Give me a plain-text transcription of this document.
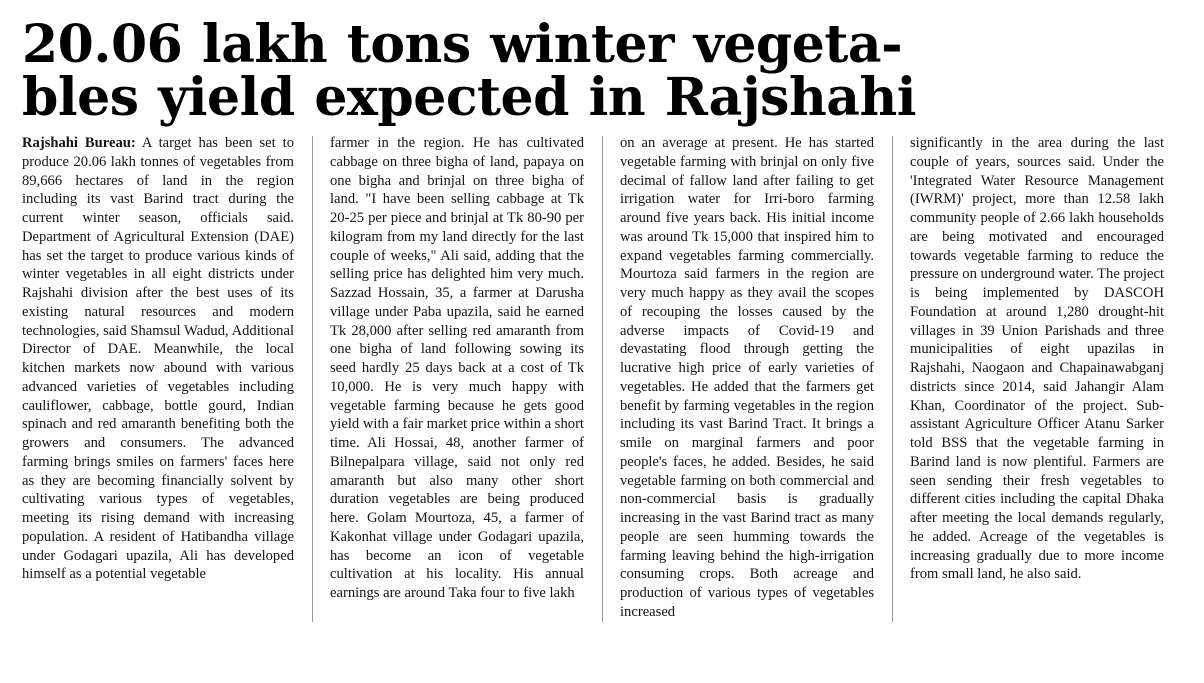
20.06 lakh tons winter vegeta-
bles yield expected in Rajshahi

Rajshahi Bureau: A target has been set to produce 20.06 lakh tonnes of vegetables from 89,666 hectares of land in the region including its vast Barind tract during the current winter season, officials said. Department of Agricultural Extension (DAE) has set the target to produce various kinds of winter vegetables in all eight districts under Rajshahi division after the best uses of its existing natural resources and modern technologies, said Shamsul Wadud, Additional Director of DAE. Meanwhile, the local kitchen markets now abound with various advanced varieties of vegetables including cauliflower, cabbage, bottle gourd, Indian spinach and red amaranth benefiting both the growers and consumers. The advanced farming brings smiles on farmers' faces here as they are becoming financially solvent by cultivating various types of vegetables, meeting its rising demand with increasing population. A resident of Hatibandha village under Godagari upazila, Ali has developed himself as a potential vegetable

farmer in the region. He has cultivated cabbage on three bigha of land, papaya on one bigha and brinjal on three bigha of land. "I have been selling cabbage at Tk 20-25 per piece and brinjal at Tk 80-90 per kilogram from my land directly for the last couple of weeks," Ali said, adding that the selling price has delighted him very much. Sazzad Hossain, 35, a farmer at Darusha village under Paba upazila, said he earned Tk 28,000 after selling red amaranth from one bigha of land following sowing its seed hardly 25 days back at a cost of Tk 10,000. He is very much happy with vegetable farming because he gets good yield with a fair market price within a short time. Ali Hossai, 48, another farmer of Bilnepalpara village, said not only red amaranth but also many other short duration vegetables are being produced here. Golam Mourtoza, 45, a farmer of Kakonhat village under Godagari upazila, has become an icon of vegetable cultivation at his locality. His annual earnings are around Taka four to five lakh

on an average at present. He has started vegetable farming with brinjal on only five decimal of fallow land after failing to get irrigation water for Irri-boro farming around five years back. His initial income was around Tk 15,000 that inspired him to expand vegetables farming commercially. Mourtoza said farmers in the region are very much happy as they avail the scopes of recouping the losses caused by the adverse impacts of Covid-19 and devastating flood through getting the lucrative high price of early varieties of vegetables. He added that the farmers get benefit by farming vegetables in the region including its vast Barind Tract. It brings a smile on marginal farmers and poor people's faces, he added. Besides, he said vegetable farming on both commercial and non-commercial basis is gradually increasing in the vast Barind tract as many people are seen humming towards the farming leaving behind the high-irrigation consuming crops. Both acreage and production of various types of vegetables increased

significantly in the area during the last couple of years, sources said. Under the 'Integrated Water Resource Management (IWRM)' project, more than 12.58 lakh community people of 2.66 lakh households are being motivated and encouraged towards vegetable farming to reduce the pressure on underground water. The project is being implemented by DASCOH Foundation at around 1,280 drought-hit villages in 39 Union Parishads and three municipalities of eight upazilas in Rajshahi, Naogaon and Chapainawabganj districts since 2014, said Jahangir Alam Khan, Coordinator of the project. Sub-assistant Agriculture Officer Atanu Sarker told BSS that the vegetable farming in Barind land is now plentiful. Farmers are seen sending their fresh vegetables to different cities including the capital Dhaka after meeting the local demands regularly, he added. Acreage of the vegetables is increasing gradually due to more income from small land, he also said.
